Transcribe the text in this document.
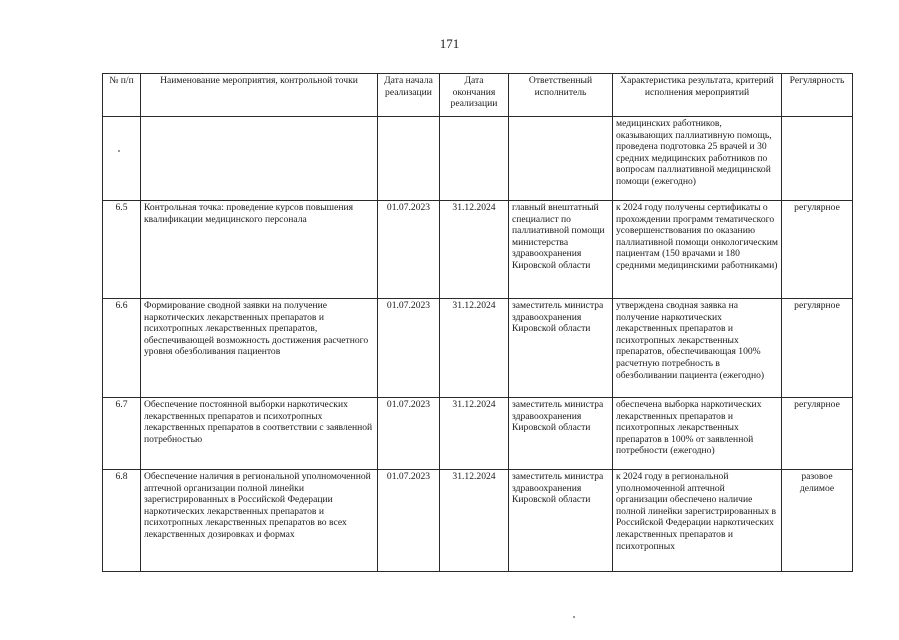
171
№ п/п	Наименование мероприятия, контрольной точки	Дата начала реализации	Дата окончания реализации	Ответственный исполнитель	Характеристика результата, критерий исполнения мероприятий	Регулярность
					медицинских работников, оказывающих паллиативную помощь, проведена подготовка 25 врачей и 30 средних медицинских работников по вопросам паллиативной медицинской помощи (ежегодно)	
6.5	Контрольная точка: проведение курсов повышения квалификации медицинского персонала	01.07.2023	31.12.2024	главный внештатный специалист по паллиативной помощи министерства здравоохранения Кировской области	к 2024 году получены сертификаты о прохождении программ тематического усовершенствования по оказанию паллиативной помощи онкологическим пациентам (150 врачами и 180 средними медицинскими работниками)	регулярное
6.6	Формирование сводной заявки на получение наркотических лекарственных препаратов и психотропных лекарственных препаратов, обеспечивающей возможность достижения расчетного уровня обезболивания пациентов	01.07.2023	31.12.2024	заместитель министра здравоохранения Кировской области	утверждена сводная заявка на получение наркотических лекарственных препаратов и психотропных лекарственных препаратов, обеспечивающая 100% расчетную потребность в обезболивании пациента (ежегодно)	регулярное
6.7	Обеспечение постоянной выборки наркотических лекарственных препаратов и психотропных лекарственных препаратов в соответствии с заявленной потребностью	01.07.2023	31.12.2024	заместитель министра здравоохранения Кировской области	обеспечена выборка наркотических лекарственных препаратов и психотропных лекарственных препаратов в 100% от заявленной потребности (ежегодно)	регулярное
6.8	Обеспечение наличия в региональной уполномоченной аптечной организации полной линейки зарегистрированных в Российской Федерации наркотических лекарственных препаратов и психотропных лекарственных препаратов во всех лекарственных дозировках и формах	01.07.2023	31.12.2024	заместитель министра здравоохранения Кировской области	к 2024 году в региональной уполномоченной аптечной организации обеспечено наличие полной линейки зарегистрированных в Российской Федерации наркотических лекарственных препаратов и психотропных	разовое делимое
